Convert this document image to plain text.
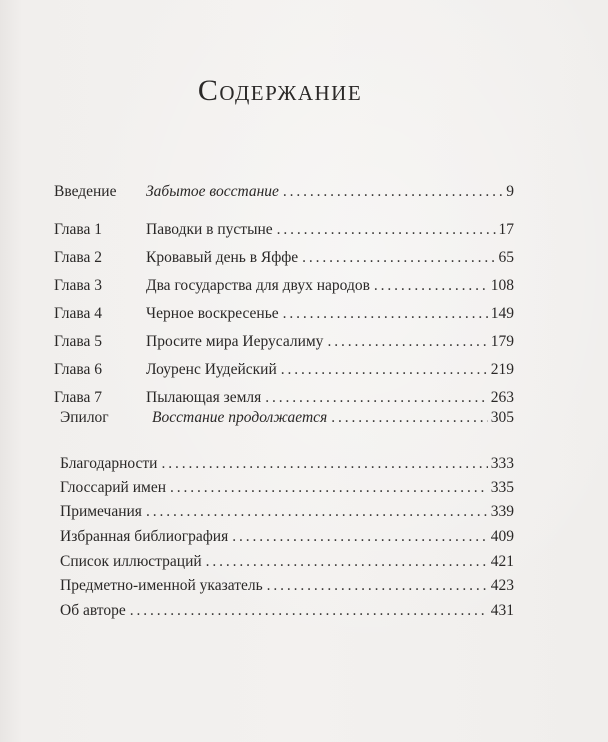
Содержание
Введение Забытое восстание . . .	9
Глава 1	Паводки в пустыне . . .	17
Глава 2	Кровавый день в Яффе . . .	65
Глава 3	Два государства для двух народов . . .	108
Глава 4	Черное воскресенье . . .	149
Глава 5	Просите мира Иерусалиму . . .	179
Глава 6	Лоуренс Иудейский . . .	219
Глава 7	Пылающая земля . . .	263
Эпилог	Восстание продолжается . . .	305
Благодарности . . .	333
Глоссарий имен . . .	335
Примечания . . .	339
Избранная библиография . . .	409
Список иллюстраций . . .	421
Предметно-именной указатель . . .	423
Об авторе . . .	431
